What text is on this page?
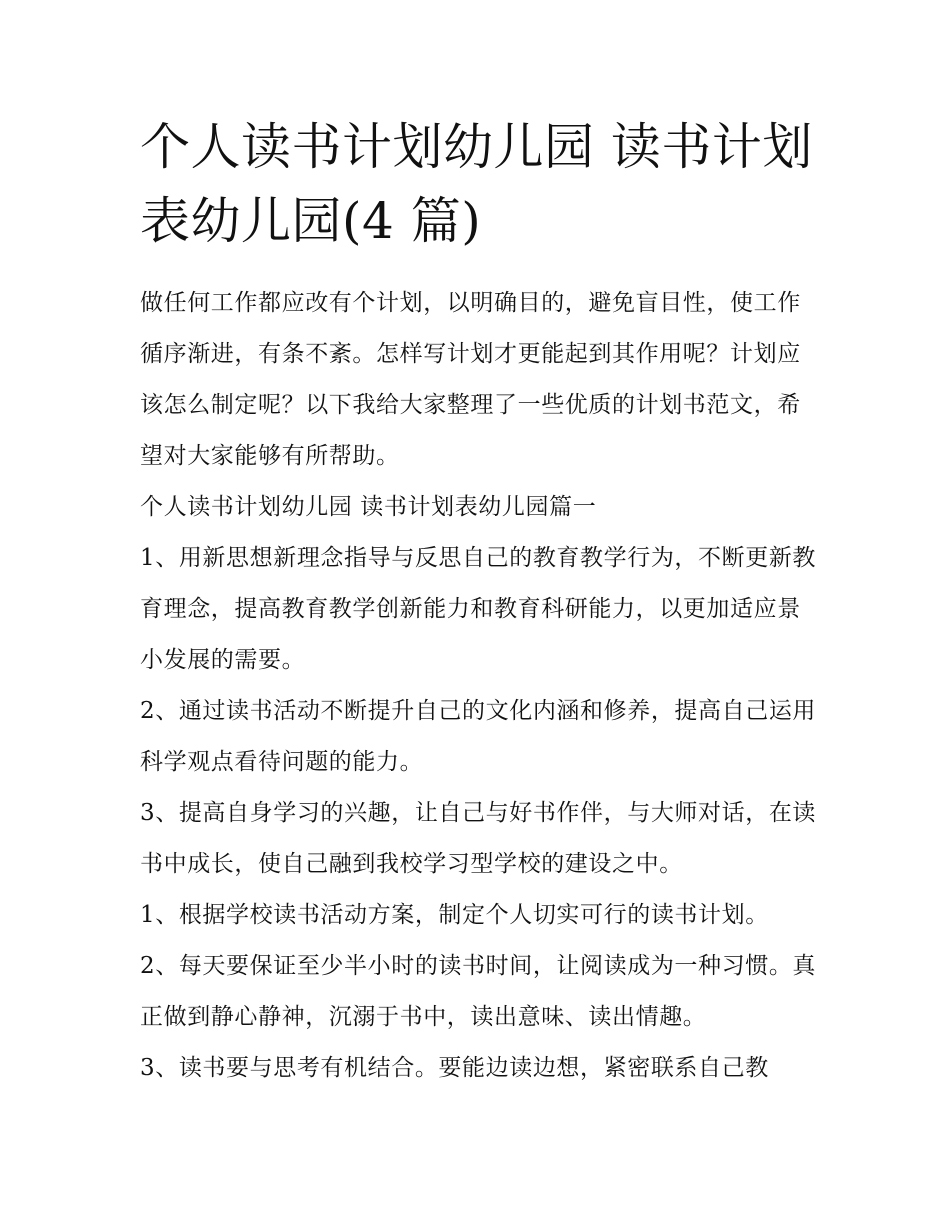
个人读书计划幼儿园 读书计划
表幼儿园(4 篇)

做任何工作都应改有个计划，以明确目的，避免盲目性，使工作循序渐进，有条不紊。怎样写计划才更能起到其作用呢？计划应该怎么制定呢？以下我给大家整理了一些优质的计划书范文，希望对大家能够有所帮助。

个人读书计划幼儿园 读书计划表幼儿园篇一

1、用新思想新理念指导与反思自己的教育教学行为，不断更新教育理念，提高教育教学创新能力和教育科研能力，以更加适应景小发展的需要。

2、通过读书活动不断提升自己的文化内涵和修养，提高自己运用科学观点看待问题的能力。

3、提高自身学习的兴趣，让自己与好书作伴，与大师对话，在读书中成长，使自己融到我校学习型学校的建设之中。

1、根据学校读书活动方案，制定个人切实可行的读书计划。

2、每天要保证至少半小时的读书时间，让阅读成为一种习惯。真正做到静心静神，沉溺于书中，读出意味、读出情趣。

3、读书要与思考有机结合。要能边读边想，紧密联系自己教
